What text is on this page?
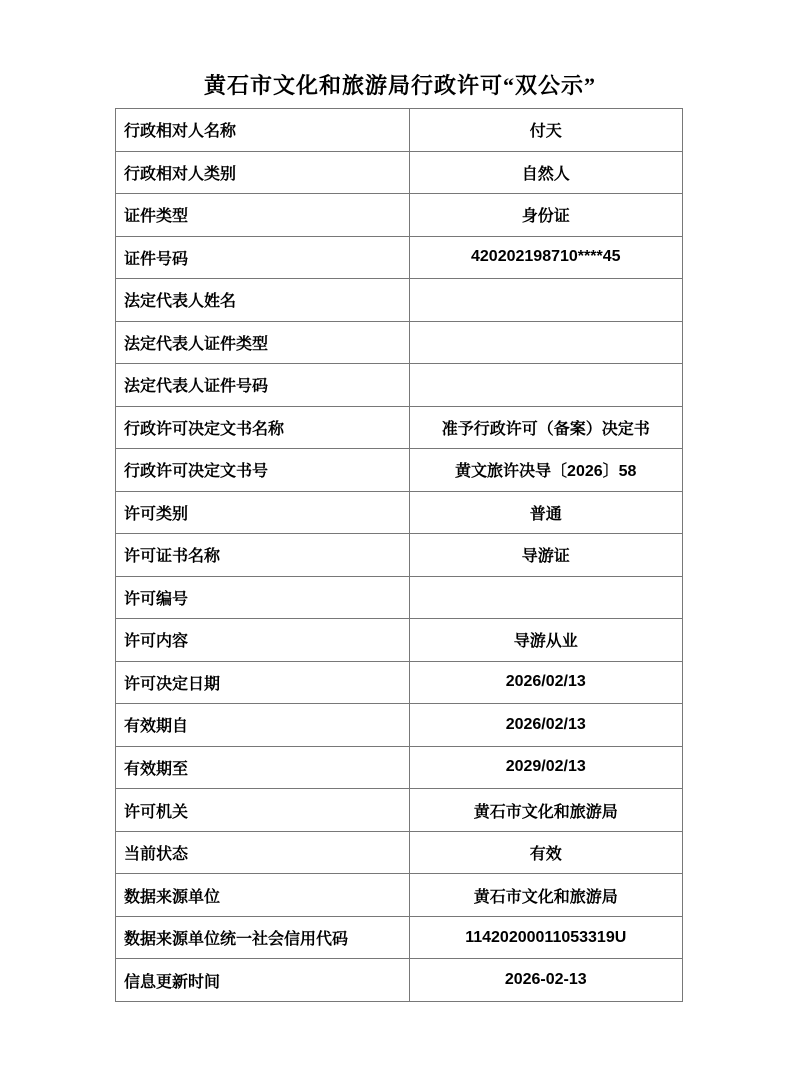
黄石市文化和旅游局行政许可“双公示”
行政相对人名称	付天
行政相对人类别	自然人
证件类型	身份证
证件号码	420202198710****45
法定代表人姓名	
法定代表人证件类型	
法定代表人证件号码	
行政许可决定文书名称	准予行政许可（备案）决定书
行政许可决定文书号	黄文旅许决导〔2026〕58
许可类别	普通
许可证书名称	导游证
许可编号	
许可内容	导游从业
许可决定日期	2026/02/13
有效期自	2026/02/13
有效期至	2029/02/13
许可机关	黄石市文化和旅游局
当前状态	有效
数据来源单位	黄石市文化和旅游局
数据来源单位统一社会信用代码	11420200011053319U
信息更新时间	2026-02-13
